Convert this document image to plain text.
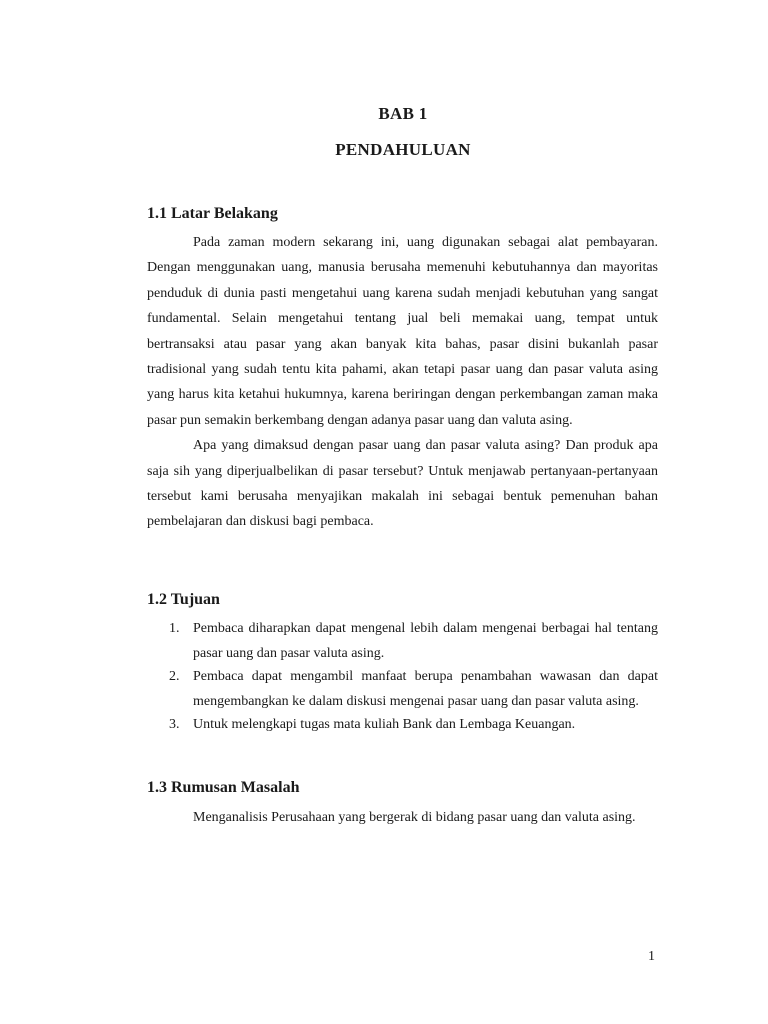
BAB 1
PENDAHULUAN
1.1 Latar Belakang

Pada zaman modern sekarang ini, uang digunakan sebagai alat pembayaran. Dengan menggunakan uang, manusia berusaha memenuhi kebutuhannya dan mayoritas penduduk di dunia pasti mengetahui uang karena sudah menjadi kebutuhan yang sangat fundamental. Selain mengetahui tentang jual beli memakai uang, tempat untuk bertransaksi atau pasar yang akan banyak kita bahas, pasar disini bukanlah pasar tradisional yang sudah tentu kita pahami, akan tetapi pasar uang dan pasar valuta asing yang harus kita ketahui hukumnya, karena beriringan dengan perkembangan zaman maka pasar pun semakin berkembang dengan adanya pasar uang dan valuta asing.

Apa yang dimaksud dengan pasar uang dan pasar valuta asing? Dan produk apa saja sih yang diperjualbelikan di pasar tersebut? Untuk menjawab pertanyaan-pertanyaan tersebut kami berusaha menyajikan makalah ini sebagai bentuk pemenuhan bahan pembelajaran dan diskusi bagi pembaca.

1.2 Tujuan
1. Pembaca diharapkan dapat mengenal lebih dalam mengenai berbagai hal tentang pasar uang dan pasar valuta asing.
2. Pembaca dapat mengambil manfaat berupa penambahan wawasan dan dapat mengembangkan ke dalam diskusi mengenai pasar uang dan pasar valuta asing.
3. Untuk melengkapi tugas mata kuliah Bank dan Lembaga Keuangan.
1.3 Rumusan Masalah

Menganalisis Perusahaan yang bergerak di bidang pasar uang dan valuta asing.

1
